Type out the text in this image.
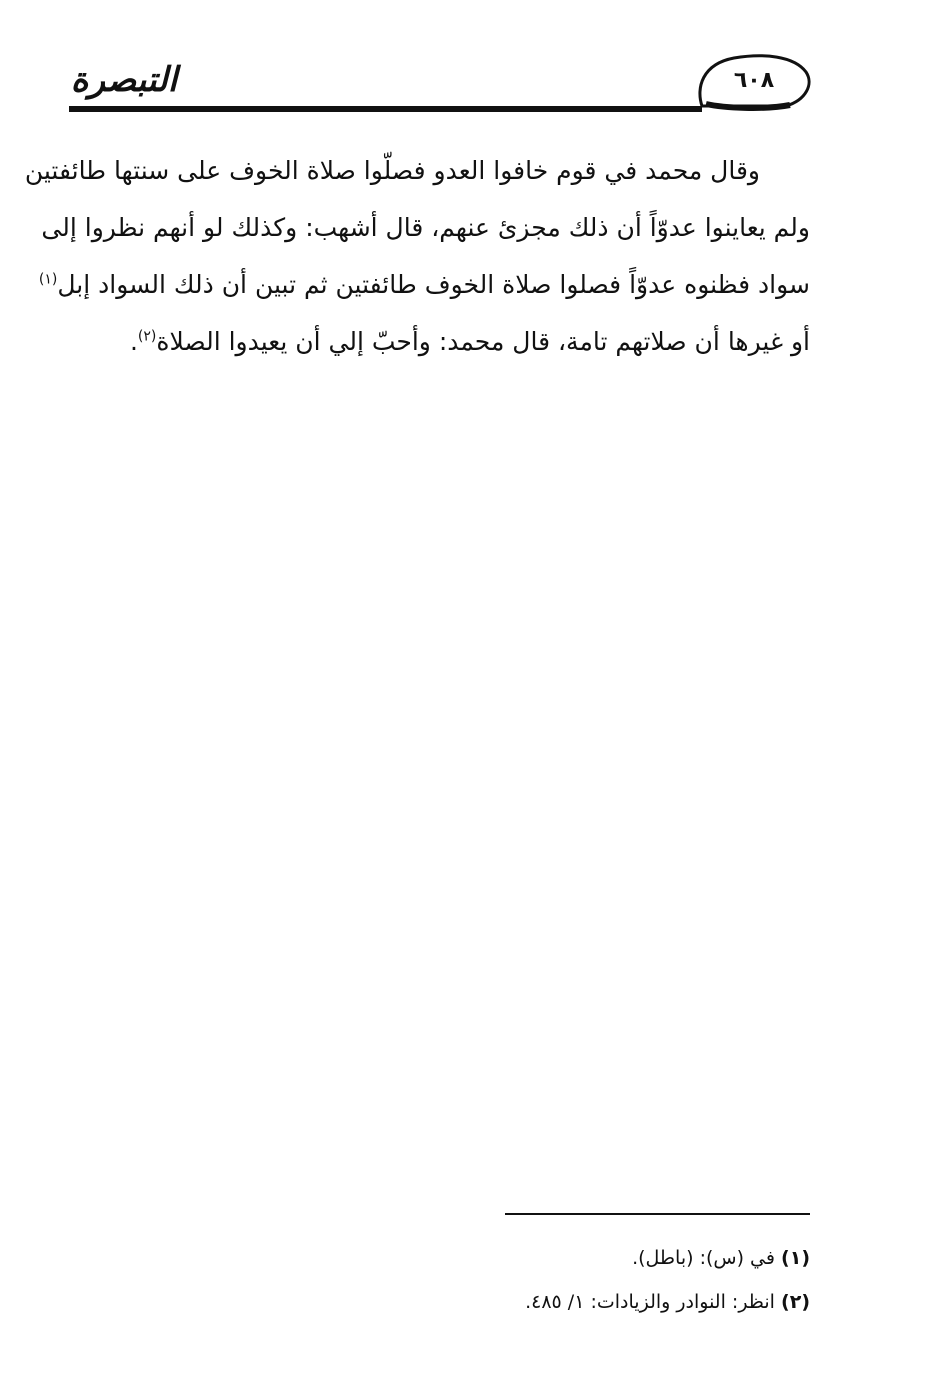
التبصرة	٦٠٨
وقال محمد في قوم خافوا العدو فصلّوا صلاة الخوف على سنتها طائفتين
ولم يعاينوا عدوّاً أن ذلك مجزئ عنهم، قال أشهب: وكذلك لو أنهم نظروا إلى
سواد فظنوه عدوّاً فصلوا صلاة الخوف طائفتين ثم تبين أن ذلك السواد إبل$^{(١)}$
أو غيرها أن صلاتهم تامة، قال محمد: وأحبّ إلي أن يعيدوا الصلاة$^{(٢)}$.
(١) في (س): (باطل).
(٢) انظر: النوادر والزيادات: ١/ ٤٨٥.
